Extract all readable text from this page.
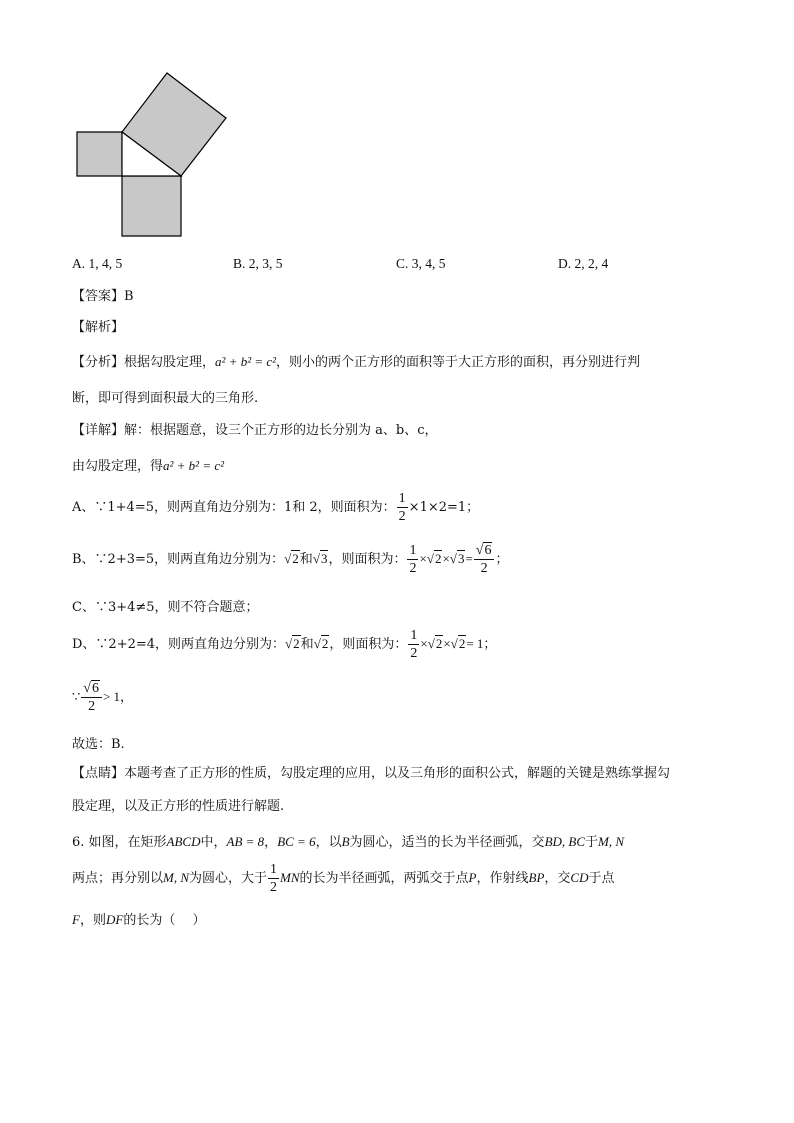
A. 1, 4, 5	B. 2, 3, 5	C. 3, 4, 5	D. 2, 2, 4
【答案】B
【解析】
【分析】根据勾股定理，a² + b² = c²，则小的两个正方形的面积等于大正方形的面积，再分别进行判
断，即可得到面积最大的三角形.
【详解】解：根据题意，设三个正方形的边长分别为 a、b、c，
由勾股定理，得a² + b² = c²
A、∵1+4=5，则两直角边分别为：1和 2，则面积为： $\frac{1}{2} \times 1\times 2=1$；
B、∵2+3=5，则两直角边分别为：√2和√3，则面积为： $\frac{1}{2} \times√2\times√3= \frac{√6}{2}$ ；
C、∵3+4≠5，则不符合题意；
D、∵2+2=4，则两直角边分别为：√2和√2，则面积为： $\frac{1}{2} \times√2\times√2= 1$；
∵ $\frac{√6}{2} > 1$，
故选：B.
【点睛】本题考查了正方形的性质，勾股定理的应用，以及三角形的面积公式，解题的关键是熟练掌握勾
股定理，以及正方形的性质进行解题.
6. 如图，在矩形ABCD中，AB = 8，BC = 6，以B为圆心，适当的长为半径画弧，交BD, BC于M, N
两点；再分别以M, N为圆心，大于 $\frac{1}{2}$ MN的长为半径画弧，两弧交于点P，作射线BP，交CD于点
F，则DF的长为（　 ）
